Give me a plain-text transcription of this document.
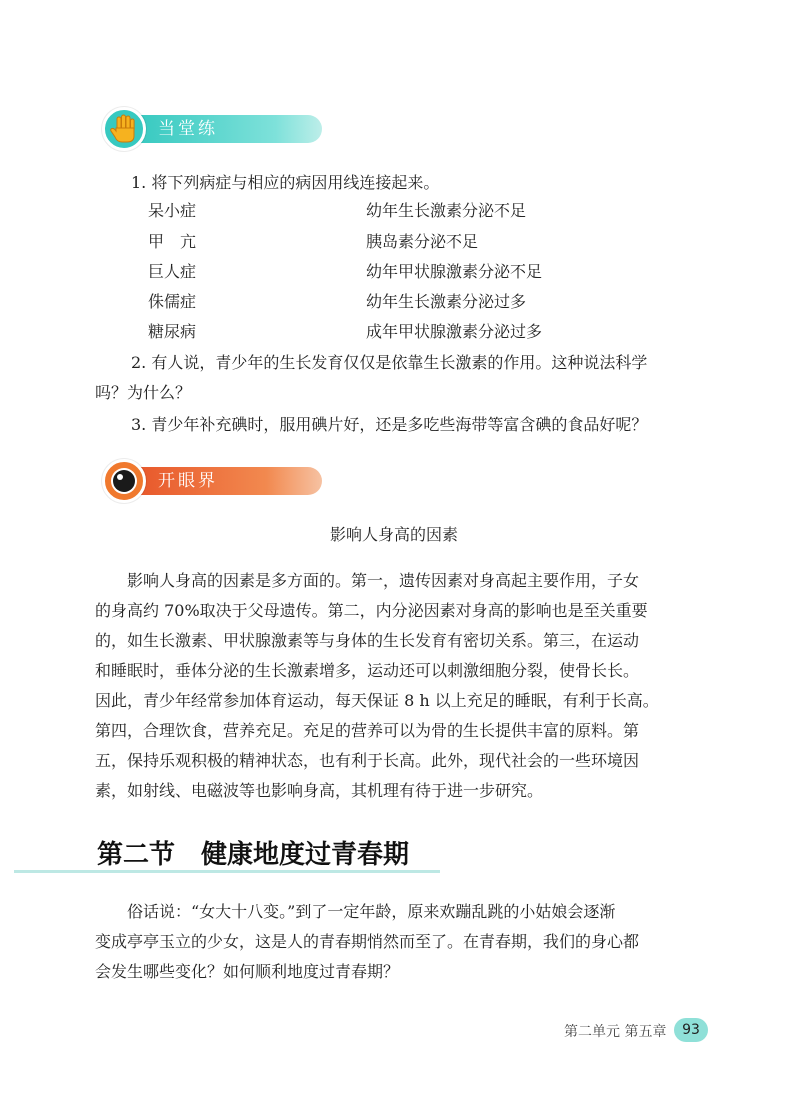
当堂练
1. 将下列病症与相应的病因用线连接起来。
呆小症	幼年生长激素分泌不足
甲　亢	胰岛素分泌不足
巨人症	幼年甲状腺激素分泌不足
侏儒症	幼年生长激素分泌过多
糖尿病	成年甲状腺激素分泌过多
2. 有人说，青少年的生长发育仅仅是依靠生长激素的作用。这种说法科学
吗？为什么？
3. 青少年补充碘时，服用碘片好，还是多吃些海带等富含碘的食品好呢？
开眼界
影响人身高的因素
　　影响人身高的因素是多方面的。第一，遗传因素对身高起主要作用，子女
的身高约 70%取决于父母遗传。第二，内分泌因素对身高的影响也是至关重要
的，如生长激素、甲状腺激素等与身体的生长发育有密切关系。第三，在运动
和睡眠时，垂体分泌的生长激素增多，运动还可以刺激细胞分裂，使骨长长。
因此，青少年经常参加体育运动，每天保证 8 h 以上充足的睡眠，有利于长高。
第四，合理饮食，营养充足。充足的营养可以为骨的生长提供丰富的原料。第
五，保持乐观积极的精神状态，也有利于长高。此外，现代社会的一些环境因
素，如射线、电磁波等也影响身高，其机理有待于进一步研究。
第二节　健康地度过青春期
　　俗话说：“女大十八变。”到了一定年龄，原来欢蹦乱跳的小姑娘会逐渐
变成亭亭玉立的少女，这是人的青春期悄然而至了。在青春期，我们的身心都
会发生哪些变化？如何顺利地度过青春期？
第二单元 第五章	93
